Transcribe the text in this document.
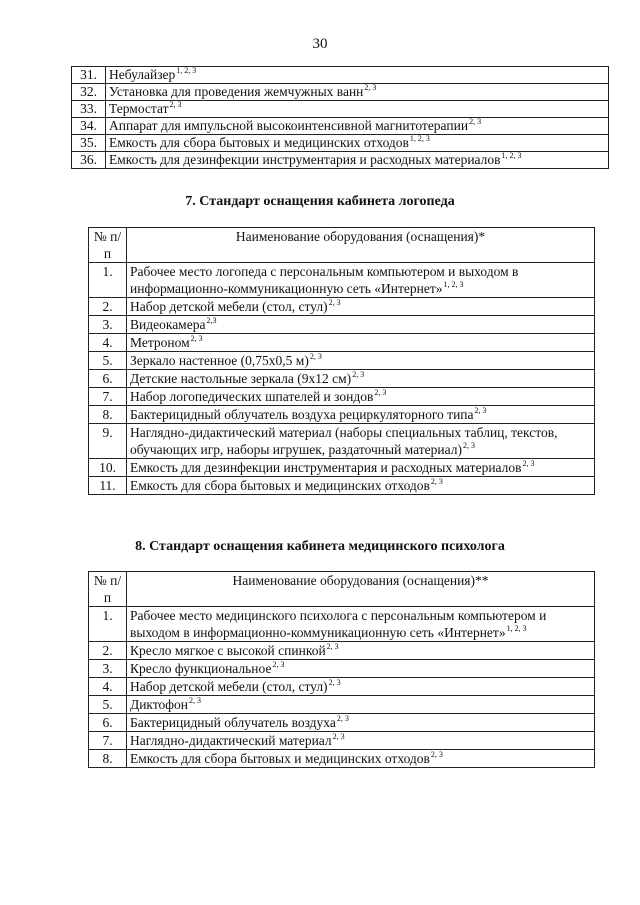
30
31.	Небулайзер$^{1, 2, 3}$
32.	Установка для проведения жемчужных ванн$^{2, 3}$
33.	Термостат$^{2, 3}$
34.	Аппарат для импульсной высокоинтенсивной магнитотерапии$^{2, 3}$
35.	Емкость для сбора бытовых и медицинских отходов$^{1, 2, 3}$
36.	Емкость для дезинфекции инструментария и расходных материалов$^{1, 2, 3}$
7. Стандарт оснащения кабинета логопеда
№ п/п	Наименование оборудования (оснащения)*
1.	Рабочее место логопеда с персональным компьютером и выходом в информационно-коммуникационную сеть «Интернет»$^{1, 2, 3}$
2.	Набор детской мебели (стол, стул)$^{2, 3}$
3.	Видеокамера$^{2,3}$
4.	Метроном$^{2, 3}$
5.	Зеркало настенное (0,75х0,5 м)$^{2, 3}$
6.	Детские настольные зеркала (9х12 см)$^{2, 3}$
7.	Набор логопедических шпателей и зондов$^{2, 3}$
8.	Бактерицидный облучатель воздуха рециркуляторного типа$^{2, 3}$
9.	Наглядно-дидактический материал (наборы специальных таблиц, текстов, обучающих игр, наборы игрушек, раздаточный материал)$^{2, 3}$
10.	Емкость для дезинфекции инструментария и расходных материалов$^{2, 3}$
11.	Емкость для сбора бытовых и медицинских отходов$^{2, 3}$
8. Стандарт оснащения кабинета медицинского психолога
№ п/п	Наименование оборудования (оснащения)**
1.	Рабочее место медицинского психолога с персональным компьютером и выходом в информационно-коммуникационную сеть «Интернет»$^{1, 2, 3}$
2.	Кресло мягкое с высокой спинкой$^{2, 3}$
3.	Кресло функциональное$^{2, 3}$
4.	Набор детской мебели (стол, стул)$^{2, 3}$
5.	Диктофон$^{2, 3}$
6.	Бактерицидный облучатель воздуха$^{2, 3}$
7.	Наглядно-дидактический материал$^{2, 3}$
8.	Емкость для сбора бытовых и медицинских отходов$^{2, 3}$
